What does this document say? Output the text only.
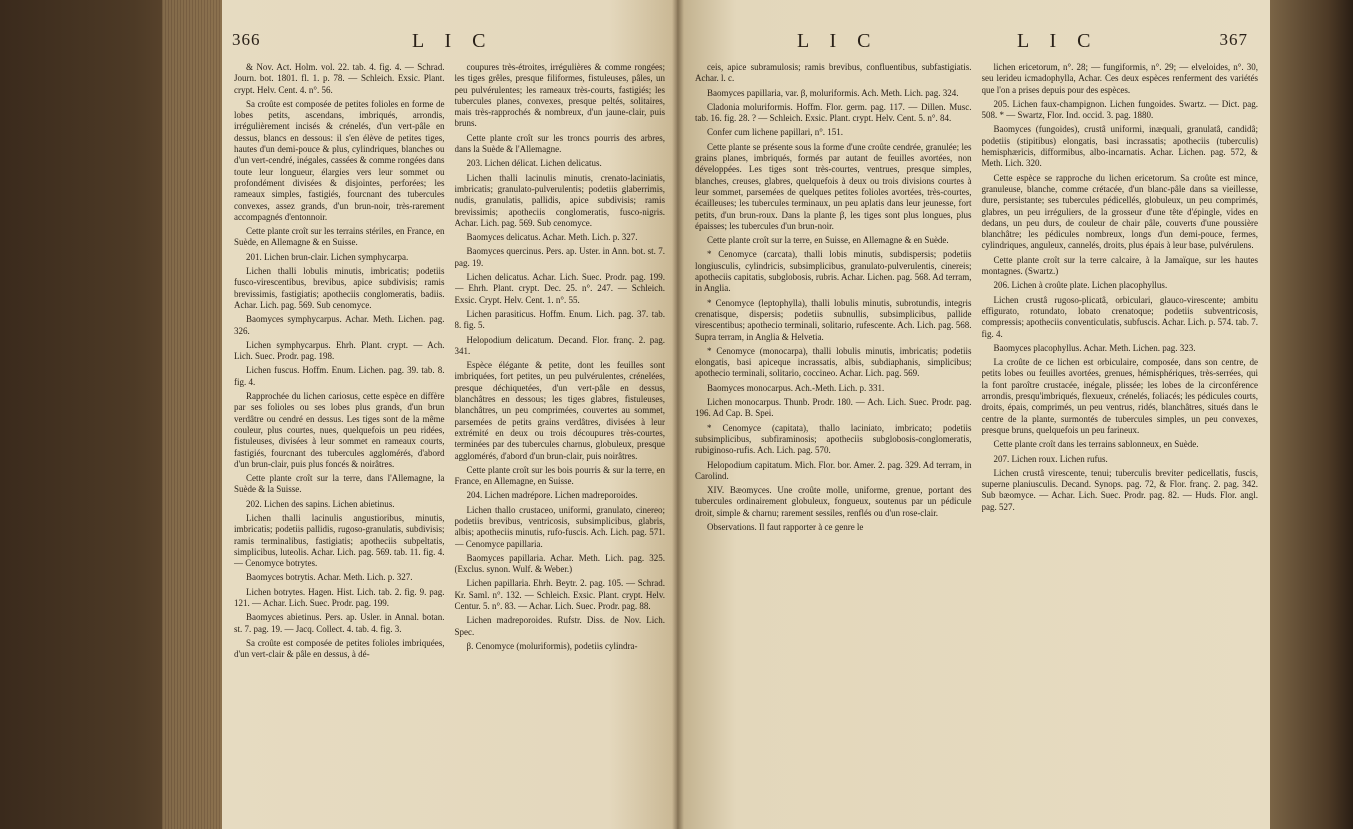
366	L I C

& Nov. Act. Holm. vol. 22. tab. 4. fig. 4. — Schrad. Journ. bot. 1801. fl. 1. p. 78. — Schleich. Exsic. Plant. crypt. Helv. Cent. 4. n°. 56.

Sa croûte est composée de petites folioles en forme de lobes petits, ascendans, imbriqués, arrondis, irrégulièrement incisés & crénelés, d'un vert-pâle en dessus, blancs en dessous: il s'en élève de petites tiges, hautes d'un demi-pouce & plus, cylindriques, blanches ou d'un vert-cendré, inégales, cassées & comme rongées dans toute leur longueur, élargies vers leur sommet ou profondément divisées & disjointes, perforées; les rameaux simples, fastigiés, fourcnant des tubercules convexes, assez grands, d'un brun-noir, très-rarement accompagnés d'entonnoir.

Cette plante croît sur les terrains stériles, en France, en Suède, en Allemagne & en Suisse.

201. Lichen brun-clair. Lichen symphycarpa.

Lichen thalli lobulis minutis, imbricatis; podetiis fusco-virescentibus, brevibus, apice subdivisis; ramis brevissimis, fastigiatis; apotheciis conglomeratis, badiis. Achar. Lich. pag. 569. Sub cenomyce.

Baomyces symphycarpus. Achar. Meth. Lichen. pag. 326.

Lichen symphycarpus. Ehrh. Plant. crypt. — Ach. Lich. Suec. Prodr. pag. 198.

Lichen fuscus. Hoffm. Enum. Lichen. pag. 39. tab. 8. fig. 4.

Rapprochée du lichen cariosus, cette espèce en diffère par ses folioles ou ses lobes plus grands, d'un brun verdâtre ou cendré en dessus. Les tiges sont de la même couleur, plus courtes, nues, quelquefois un peu ridées, fistuleuses, divisées à leur sommet en rameaux courts, fastigiés, fourcnant des tubercules agglomérés, d'abord d'un brun-clair, puis plus foncés & noirâtres.

Cette plante croît sur la terre, dans l'Allemagne, la Suède & la Suisse.

202. Lichen des sapins. Lichen abietinus.

Lichen thalli lacinulis angustioribus, minutis, imbricatis; podetiis pallidis, rugoso-granulatis, subdivisis; ramis terminalibus, fastigiatis; apotheciis subpeltatis, simplicibus, luteolis. Achar. Lich. pag. 569. tab. 11. fig. 4. — Cenomyce botrytes.

Baomyces botrytis. Achar. Meth. Lich. p. 327.

Lichen botrytes. Hagen. Hist. Lich. tab. 2. fig. 9. pag. 121. — Achar. Lich. Suec. Prodr. pag. 199.

Baomyces abietinus. Pers. ap. Usler. in Annal. botan. st. 7. pag. 19. — Jacq. Collect. 4. tab. 4. fig. 3.

Sa croûte est composée de petites folioles imbriquées, d'un vert-clair & pâle en dessus, à dé-

coupures très-étroites, irrégulières & comme rongées; les tiges grêles, presque filiformes, fistuleuses, pâles, un peu pulvérulentes; les rameaux très-courts, fastigiés; les tubercules planes, convexes, presque peltés, solitaires, mais très-rapprochés & nombreux, d'un jaune-clair, puis bruns.

Cette plante croît sur les troncs pourris des arbres, dans la Suède & l'Allemagne.

203. Lichen délicat. Lichen delicatus.

Lichen thalli lacinulis minutis, crenato-laciniatis, imbricatis; granulato-pulverulentis; podetiis glaberrimis, nudis, granulatis, pallidis, apice subdivisis; ramis brevissimis; apotheciis conglomeratis, fusco-nigris. Achar. Lich. pag. 569. Sub cenomyce.

Baomyces delicatus. Achar. Meth. Lich. p. 327.

Baomyces quercinus. Pers. ap. Uster. in Ann. bot. st. 7. pag. 19.

Lichen delicatus. Achar. Lich. Suec. Prodr. pag. 199. — Ehrh. Plant. crypt. Dec. 25. n°. 247. — Schleich. Exsic. Crypt. Helv. Cent. 1. n°. 55.

Lichen parasiticus. Hoffm. Enum. Lich. pag. 37. tab. 8. fig. 5.

Helopodium delicatum. Decand. Flor. franç. 2. pag. 341.

Espèce élégante & petite, dont les feuilles sont imbriquées, fort petites, un peu pulvérulentes, crénelées, presque déchiquetées, d'un vert-pâle en dessus, blanchâtres en dessous; les tiges glabres, fistuleuses, blanchâtres, un peu comprimées, couvertes au sommet, parsemées de petits grains verdâtres, divisées à leur extrémité en deux ou trois découpures très-courtes, terminées par des tubercules charnus, globuleux, presque agglomérés, d'abord d'un brun-clair, puis noirâtres.

Cette plante croît sur les bois pourris & sur la terre, en France, en Allemagne, en Suisse.

204. Lichen madrépore. Lichen madreporoides.

Lichen thallo crustaceo, uniformi, granulato, cinereo; podetiis brevibus, ventricosis, subsimplicibus, glabris, albis; apotheciis minutis, rufo-fuscis. Ach. Lich. pag. 571. — Cenomyce papillaria.

Baomyces papillaria. Achar. Meth. Lich. pag. 325. (Exclus. synon. Wulf. & Weber.)

Lichen papillaria. Ehrh. Beytr. 2. pag. 105. — Schrad. Kr. Saml. n°. 132. — Schleich. Exsic. Plant. crypt. Helv. Centur. 5. n°. 83. — Achar. Lich. Suec. Prodr. pag. 88.

Lichen madreporoides. Rufstr. Diss. de Nov. Lich. Spec.

β. Cenomyce (moluriformis), podetiis cylindra-

L I C	L I C	367

ceis, apice subramulosis; ramis brevibus, confluentibus, subfastigiatis. Achar. l. c.

Baomyces papillaria, var. β, moluriformis. Ach. Meth. Lich. pag. 324.

Cladonia moluriformis. Hoffm. Flor. germ. pag. 117. — Dillen. Musc. tab. 16. fig. 28. ? — Schleich. Exsic. Plant. crypt. Helv. Cent. 5. n°. 84.

Confer cum lichene papillari, n°. 151.

Cette plante se présente sous la forme d'une croûte cendrée, granulée; les grains planes, imbriqués, formés par autant de feuilles avortées, non développées. Les tiges sont très-courtes, ventrues, presque simples, blanches, creuses, glabres, quelquefois à deux ou trois divisions courtes à leur sommet, parsemées de quelques petites folioles avortées, très-courtes, écailleuses; les tubercules terminaux, un peu aplatis dans leur jeunesse, fort petits, d'un brun-roux. Dans la plante β, les tiges sont plus longues, plus épaisses; les tubercules d'un brun-noir.

Cette plante croît sur la terre, en Suisse, en Allemagne & en Suède.

* Cenomyce (carcata), thalli lobis minutis, subdispersis; podetiis longiusculis, cylindricis, subsimplicibus, granulato-pulverulentis, cinereis; apotheciis capitatis, subglobosis, rubris. Achar. Lichen. pag. 568. Ad terram, in Anglia.

* Cenomyce (leptophylla), thalli lobulis minutis, subrotundis, integris crenatisque, dispersis; podetiis subnullis, subsimplicibus, pallide virescentibus; apothecio terminali, solitario, rufescente. Ach. Lich. pag. 568. Supra terram, in Anglia & Helvetia.

* Cenomyce (monocarpa), thalli lobulis minutis, imbricatis; podetiis elongatis, basi apiceque incrassatis, albis, subdiaphanis, simplicibus; apothecio terminali, solitario, coccineo. Achar. Lich. pag. 569.

Baomyces monocarpus. Ach.-Meth. Lich. p. 331.

Lichen monocarpus. Thunb. Prodr. 180. — Ach. Lich. Suec. Prodr. pag. 196. Ad Cap. B. Spei.

* Cenomyce (capitata), thallo laciniato, imbricato; podetiis subsimplicibus, subfiraminosis; apotheciis subglobosis-conglomeratis, rubiginoso-rufis. Ach. Lich. pag. 570.

Helopodium capitatum. Mich. Flor. bor. Amer. 2. pag. 329. Ad terram, in Carolind.

XIV. Bæomyces. Une croûte molle, uniforme, grenue, portant des tubercules ordinairement globuleux, fongueux, soutenus par un pédicule droit, simple & charnu; rarement sessiles, renflés ou d'un rose-clair.

Observations. Il faut rapporter à ce genre le

lichen ericetorum, n°. 28; — fungiformis, n°. 29; — elveloides, n°. 30, seu lerideu icmadophylla, Achar. Ces deux espèces renferment des variétés que l'on a prises depuis pour des espèces.

205. Lichen faux-champignon. Lichen fungoides. Swartz. — Dict. pag. 508. * — Swartz, Flor. Ind. occid. 3. pag. 1880.

Baomyces (fungoides), crustâ uniformi, inæquali, granulatâ, candidâ; podetiis (stipitibus) elongatis, basi incrassatis; apotheciis (tuberculis) hemisphæricis, difformibus, albo-incarnatis. Achar. Lichen. pag. 572, & Meth. Lich. 320.

Cette espèce se rapproche du lichen ericetorum. Sa croûte est mince, granuleuse, blanche, comme crétacée, d'un blanc-pâle dans sa vieillesse, dure, persistante; ses tubercules pédicellés, globuleux, un peu comprimés, glabres, un peu irréguliers, de la grosseur d'une tête d'épingle, vides en dedans, un peu durs, de couleur de chair pâle, couverts d'une poussière blanchâtre; les pédicules nombreux, longs d'un demi-pouce, fermes, cylindriques, anguleux, cannelés, droits, plus épais à leur base, pulvérulens.

Cette plante croît sur la terre calcaire, à la Jamaïque, sur les hautes montagnes. (Swartz.)

206. Lichen à croûte plate. Lichen placophyllus.

Lichen crustâ rugoso-plicatâ, orbiculari, glauco-virescente; ambitu effigurato, rotundato, lobato crenatoque; podetiis subventricosis, compressis; apotheciis conventiculatis, subfuscis. Achar. Lich. p. 574. tab. 7. fig. 4.

Baomyces placophyllus. Achar. Meth. Lichen. pag. 323.

La croûte de ce lichen est orbiculaire, composée, dans son centre, de petits lobes ou feuilles avortées, grenues, hémisphériques, très-serrées, qui la font paroître crustacée, inégale, plissée; les lobes de la circonférence arrondis, presqu'imbriqués, flexueux, crénelés, foliacés; les pédicules courts, droits, épais, comprimés, un peu ventrus, ridés, blanchâtres, situés dans le centre de la plante, surmontés de tubercules simples, un peu convexes, presque bruns, quelquefois un peu farineux.

Cette plante croît dans les terrains sablonneux, en Suède.

207. Lichen roux. Lichen rufus.

Lichen crustâ virescente, tenui; tuberculis breviter pedicellatis, fuscis, superne planiusculis. Decand. Synops. pag. 72, & Flor. franç. 2. pag. 342. Sub bæomyce. — Achar. Lich. Suec. Prodr. pag. 82. — Huds. Flor. angl. pag. 527.
